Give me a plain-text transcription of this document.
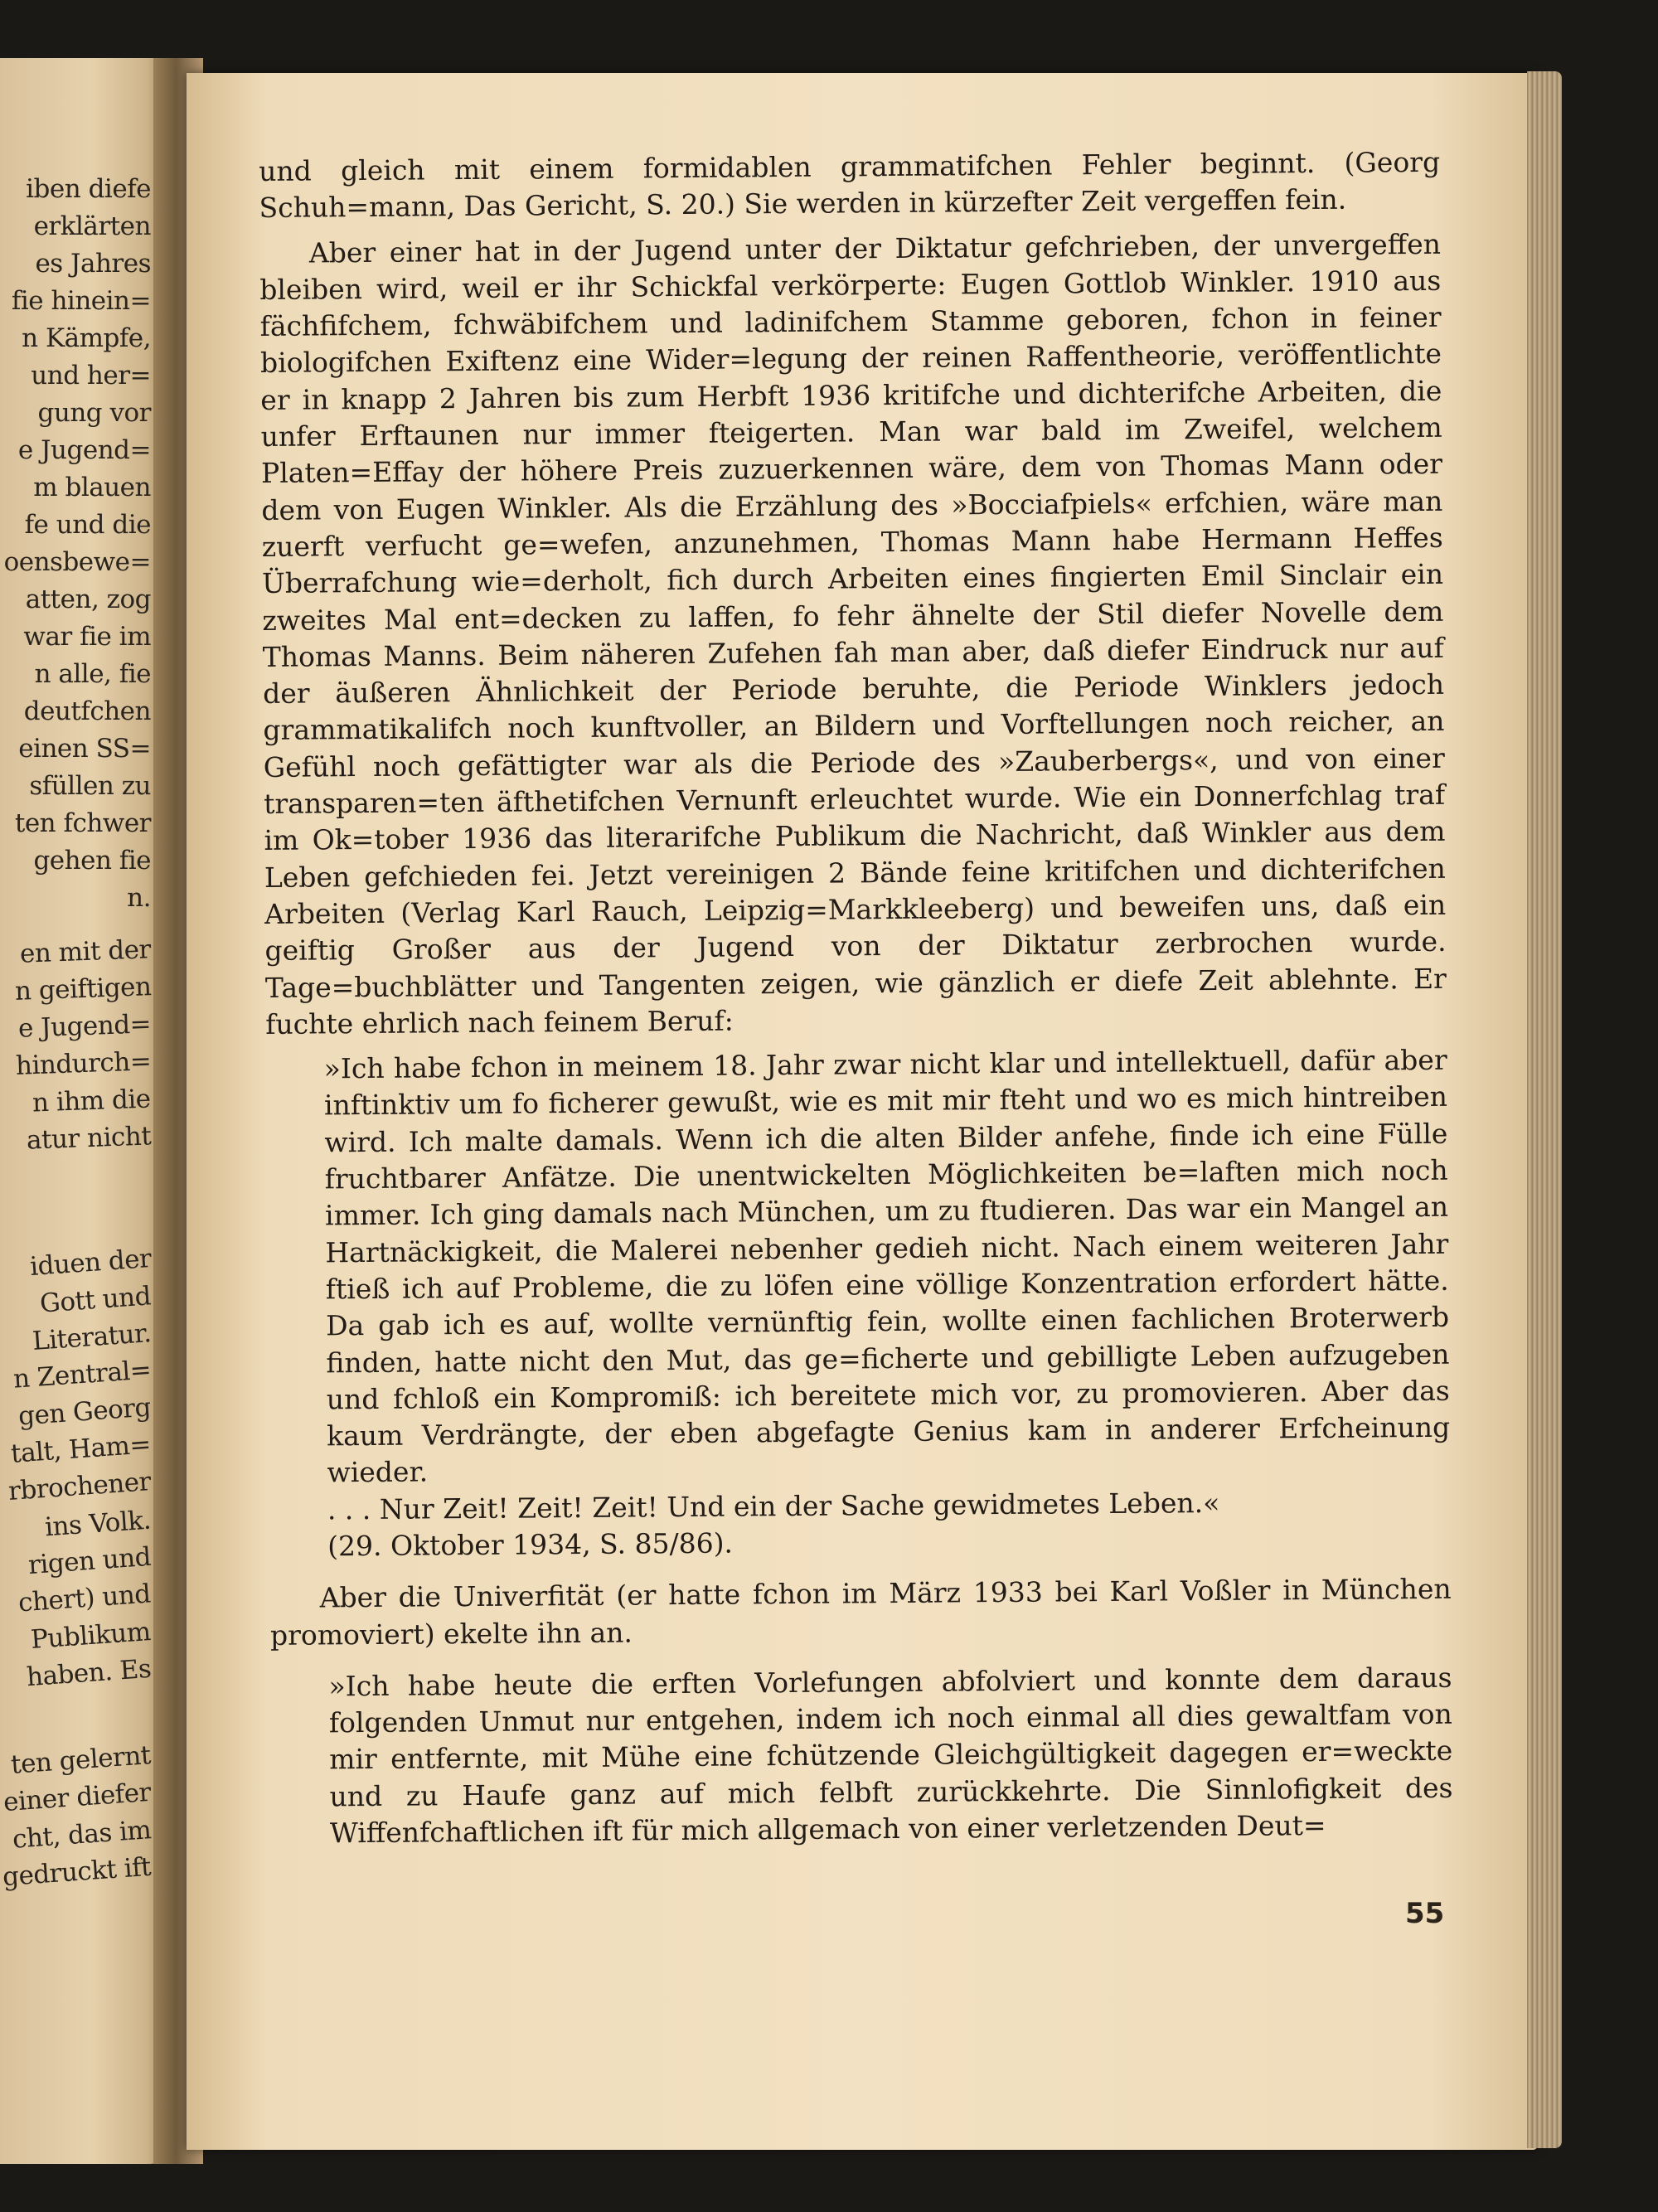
iben diefe
erklärten
es Jahres
fie hinein=
n Kämpfe,
und her=
gung vor
e Jugend=
m blauen
fe und die
oensbewe=
atten, zog
war fie im
n alle, fie
deutfchen
einen SS=
sfüllen zu
ten fchwer
gehen fie
n.
en mit der
n geiftigen
e Jugend=
hindurch=
n ihm die
atur nicht
iduen der
Gott und
Literatur.
n Zentral=
gen Georg
talt, Ham=
rbrochener
ins Volk.
rigen und
chert) und
Publikum
haben. Es
ten gelernt
einer diefer
cht, das im
gedruckt ift

und gleich mit einem formidablen grammatifchen Fehler beginnt. (Georg Schuh=mann, Das Gericht, S. 20.) Sie werden in kürzefter Zeit vergeffen fein.

Aber einer hat in der Jugend unter der Diktatur gefchrieben, der unvergeffen bleiben wird, weil er ihr Schickfal verkörperte: Eugen Gottlob Winkler. 1910 aus fächfifchem, fchwäbifchem und ladinifchem Stamme geboren, fchon in feiner biologifchen Exiftenz eine Wider=legung der reinen Raffentheorie, veröffentlichte er in knapp 2 Jahren bis zum Herbft 1936 kritifche und dichterifche Arbeiten, die unfer Erftaunen nur immer fteigerten. Man war bald im Zweifel, welchem Platen=Effay der höhere Preis zuzuerkennen wäre, dem von Thomas Mann oder dem von Eugen Winkler. Als die Erzählung des »Bocciafpiels« erfchien, wäre man zuerft verfucht ge=wefen, anzunehmen, Thomas Mann habe Hermann Heffes Überrafchung wie=derholt, fich durch Arbeiten eines fingierten Emil Sinclair ein zweites Mal ent=decken zu laffen, fo fehr ähnelte der Stil diefer Novelle dem Thomas Manns. Beim näheren Zufehen fah man aber, daß diefer Eindruck nur auf der äußeren Ähnlichkeit der Periode beruhte, die Periode Winklers jedoch grammatikalifch noch kunftvoller, an Bildern und Vorftellungen noch reicher, an Gefühl noch gefättigter war als die Periode des »Zauberbergs«, und von einer transparen=ten äfthetifchen Vernunft erleuchtet wurde. Wie ein Donnerfchlag traf im Ok=tober 1936 das literarifche Publikum die Nachricht, daß Winkler aus dem Leben gefchieden fei. Jetzt vereinigen 2 Bände feine kritifchen und dichterifchen Arbeiten (Verlag Karl Rauch, Leipzig=Markkleeberg) und beweifen uns, daß ein geiftig Großer aus der Jugend von der Diktatur zerbrochen wurde. Tage=buchblätter und Tangenten zeigen, wie gänzlich er diefe Zeit ablehnte. Er fuchte ehrlich nach feinem Beruf:

»Ich habe fchon in meinem 18. Jahr zwar nicht klar und intellektuell, dafür aber inftinktiv um fo ficherer gewußt, wie es mit mir fteht und wo es mich hintreiben wird. Ich malte damals. Wenn ich die alten Bilder anfehe, finde ich eine Fülle fruchtbarer Anfätze. Die unentwickelten Möglichkeiten be=laften mich noch immer. Ich ging damals nach München, um zu ftudieren. Das war ein Mangel an Hartnäckigkeit, die Malerei nebenher gedieh nicht. Nach einem weiteren Jahr ftieß ich auf Probleme, die zu löfen eine völlige Konzentration erfordert hätte. Da gab ich es auf, wollte vernünftig fein, wollte einen fachlichen Broterwerb finden, hatte nicht den Mut, das ge=ficherte und gebilligte Leben aufzugeben und fchloß ein Kompromiß: ich bereitete mich vor, zu promovieren. Aber das kaum Verdrängte, der eben abgefagte Genius kam in anderer Erfcheinung wieder.

. . . Nur Zeit! Zeit! Zeit! Und ein der Sache gewidmetes Leben.«

(29. Oktober 1934, S. 85/86).

Aber die Univerfität (er hatte fchon im März 1933 bei Karl Voßler in München promoviert) ekelte ihn an.

»Ich habe heute die erften Vorlefungen abfolviert und konnte dem daraus folgenden Unmut nur entgehen, indem ich noch einmal all dies gewaltfam von mir entfernte, mit Mühe eine fchützende Gleichgültigkeit dagegen er=weckte und zu Haufe ganz auf mich felbft zurückkehrte. Die Sinnlofigkeit des Wiffenfchaftlichen ift für mich allgemach von einer verletzenden Deut=

55
